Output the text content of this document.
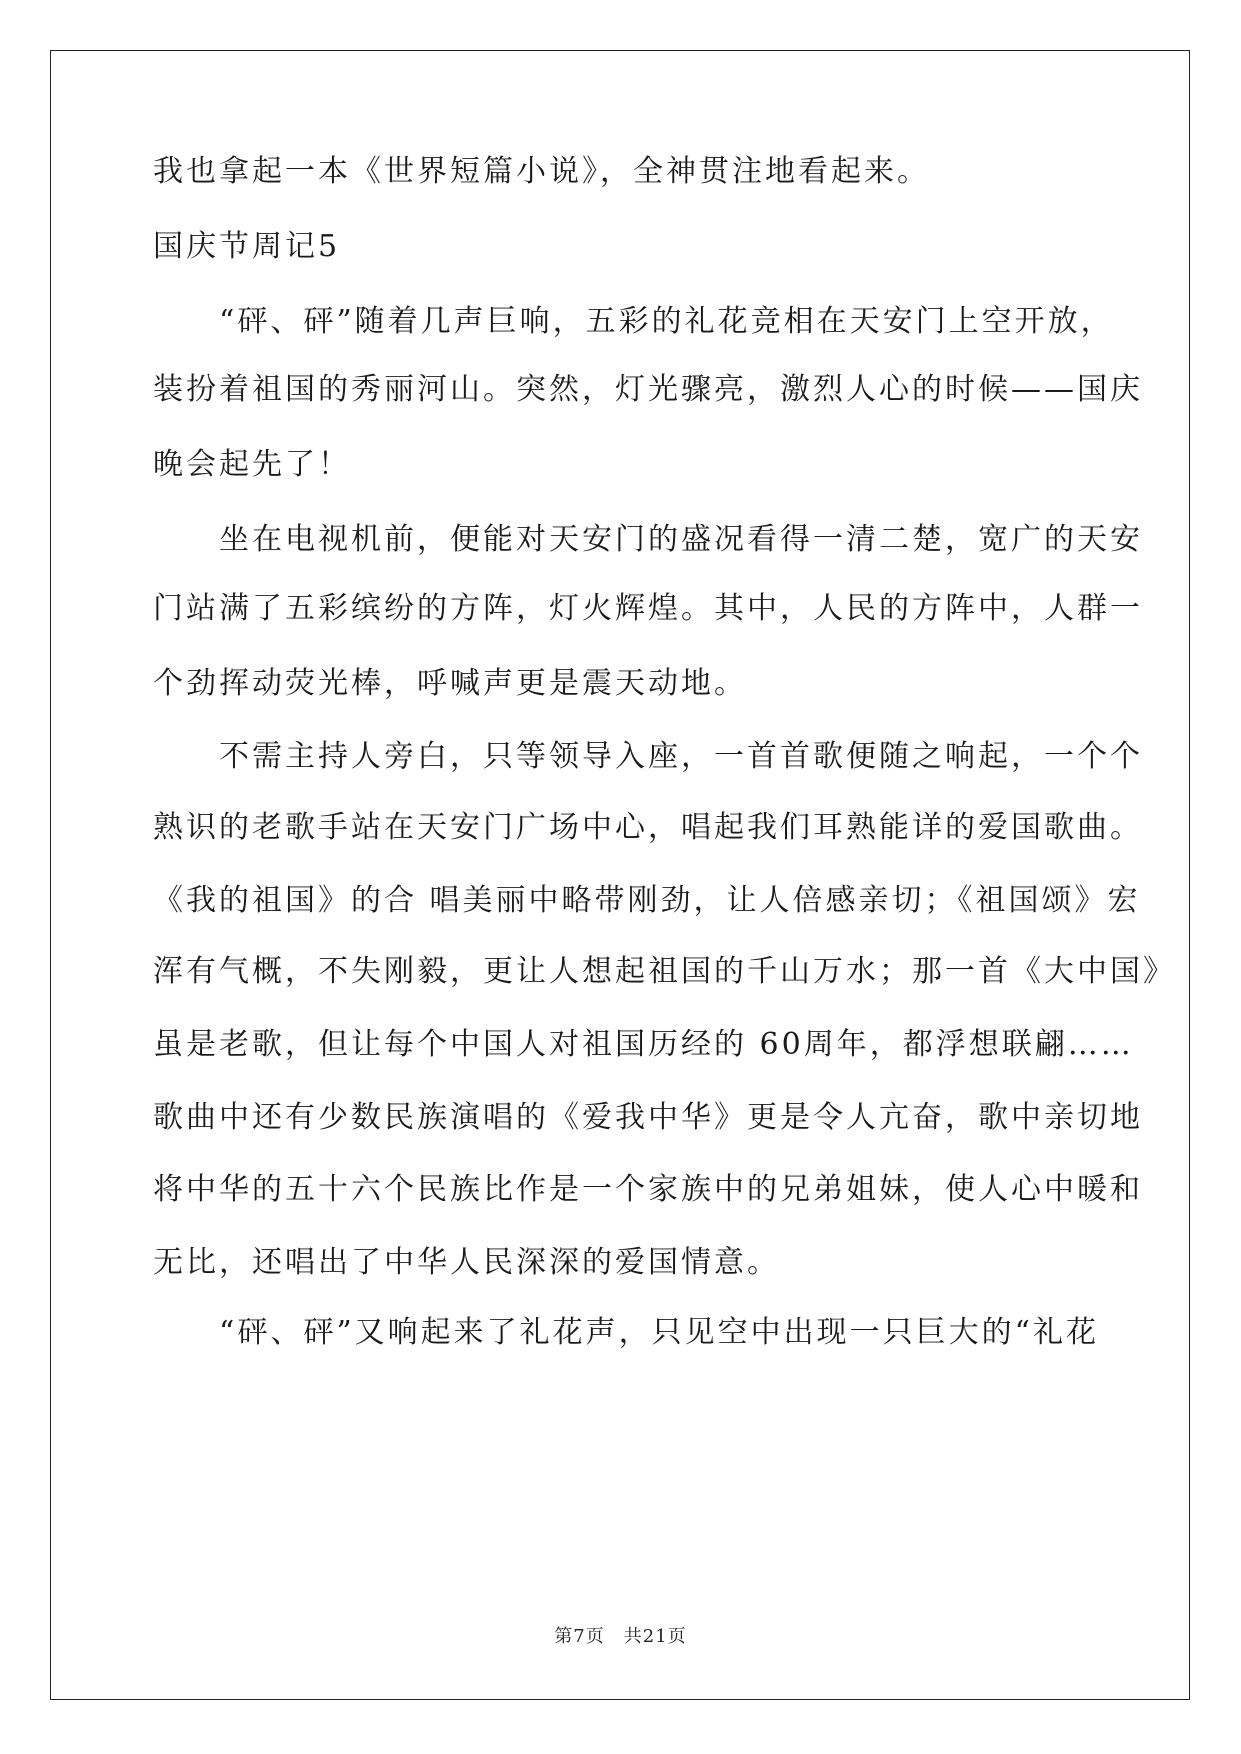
我也拿起一本《世界短篇小说》，全神贯注地看起来。
国庆节周记5
　　“砰、砰”随着几声巨响，五彩的礼花竞相在天安门上空开放，
装扮着祖国的秀丽河山。突然，灯光骤亮，激烈人心的时候——国庆
晚会起先了！
　　坐在电视机前，便能对天安门的盛况看得一清二楚，宽广的天安
门站满了五彩缤纷的方阵，灯火辉煌。其中，人民的方阵中，人群一
个劲挥动荧光棒，呼喊声更是震天动地。
　　不需主持人旁白，只等领导入座，一首首歌便随之响起，一个个
熟识的老歌手站在天安门广场中心，唱起我们耳熟能详的爱国歌曲。
《我的祖国》的合 唱美丽中略带刚劲，让人倍感亲切；《祖国颂》宏
浑有气概，不失刚毅，更让人想起祖国的千山万水；那一首《大中国》
虽是老歌，但让每个中国人对祖国历经的 60周年，都浮想联翩……
歌曲中还有少数民族演唱的《爱我中华》更是令人亢奋，歌中亲切地
将中华的五十六个民族比作是一个家族中的兄弟姐妹，使人心中暖和
无比，还唱出了中华人民深深的爱国情意。
　　“砰、砰”又响起来了礼花声，只见空中出现一只巨大的“礼花
第7页　共21页
